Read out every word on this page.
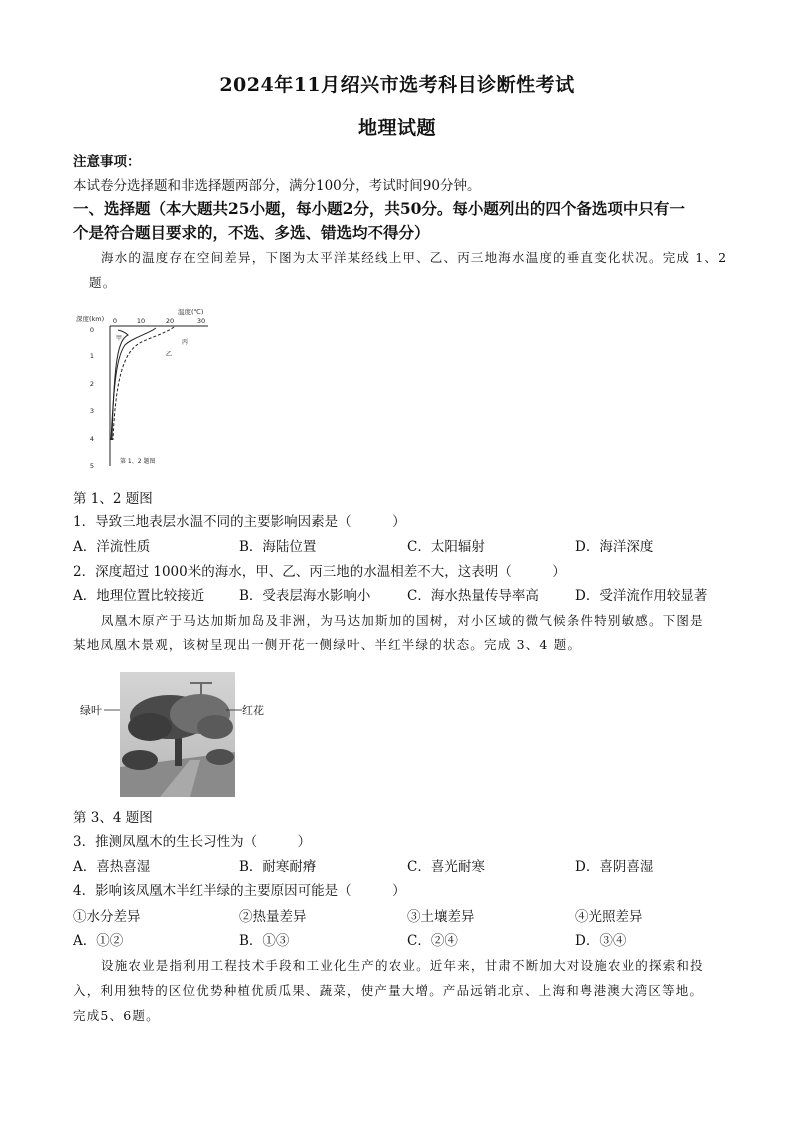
2024年11月绍兴市选考科目诊断性考试
地理试题
注意事项：
本试卷分选择题和非选择题两部分，满分100分，考试时间90分钟。
一、选择题（本大题共25小题，每小题2分，共50分。每小题列出的四个备选项中只有一
个是符合题目要求的，不选、多选、错选均不得分）
海水的温度存在空间差异，下图为太平洋某经线上甲、乙、丙三地海水温度的垂直变化状况。完成 1、2
题。
深度(km)
温度(℃)
0	10	20	30
0
1
2
3
4
5
甲
乙
丙
第 1、2 题图
第 1、2 题图
1．导致三地表层水温不同的主要影响因素是（　　　）
A．洋流性质	B．海陆位置	C．太阳辐射	D．海洋深度
2．深度超过 1000米的海水，甲、乙、丙三地的水温相差不大，这表明（　　　）
A．地理位置比较接近	B．受表层海水影响小	C．海水热量传导率高	D．受洋流作用较显著
凤凰木原产于马达加斯加岛及非洲，为马达加斯加的国树，对小区域的微气候条件特别敏感。下图是
某地凤凰木景观，该树呈现出一侧开花一侧绿叶、半红半绿的状态。完成 3、4 题。
绿叶	红花
第 3、4 题图
3．推测凤凰木的生长习性为（　　　）
A．喜热喜湿	B．耐寒耐瘠	C．喜光耐寒	D．喜阴喜湿
4．影响该凤凰木半红半绿的主要原因可能是（　　　）
①水分差异	②热量差异	③土壤差异	④光照差异
A．①②	B．①③	C．②④	D．③④
设施农业是指利用工程技术手段和工业化生产的农业。近年来，甘肃不断加大对设施农业的探索和投
入，利用独特的区位优势种植优质瓜果、蔬菜，使产量大增。产品远销北京、上海和粤港澳大湾区等地。
完成5、6题。
